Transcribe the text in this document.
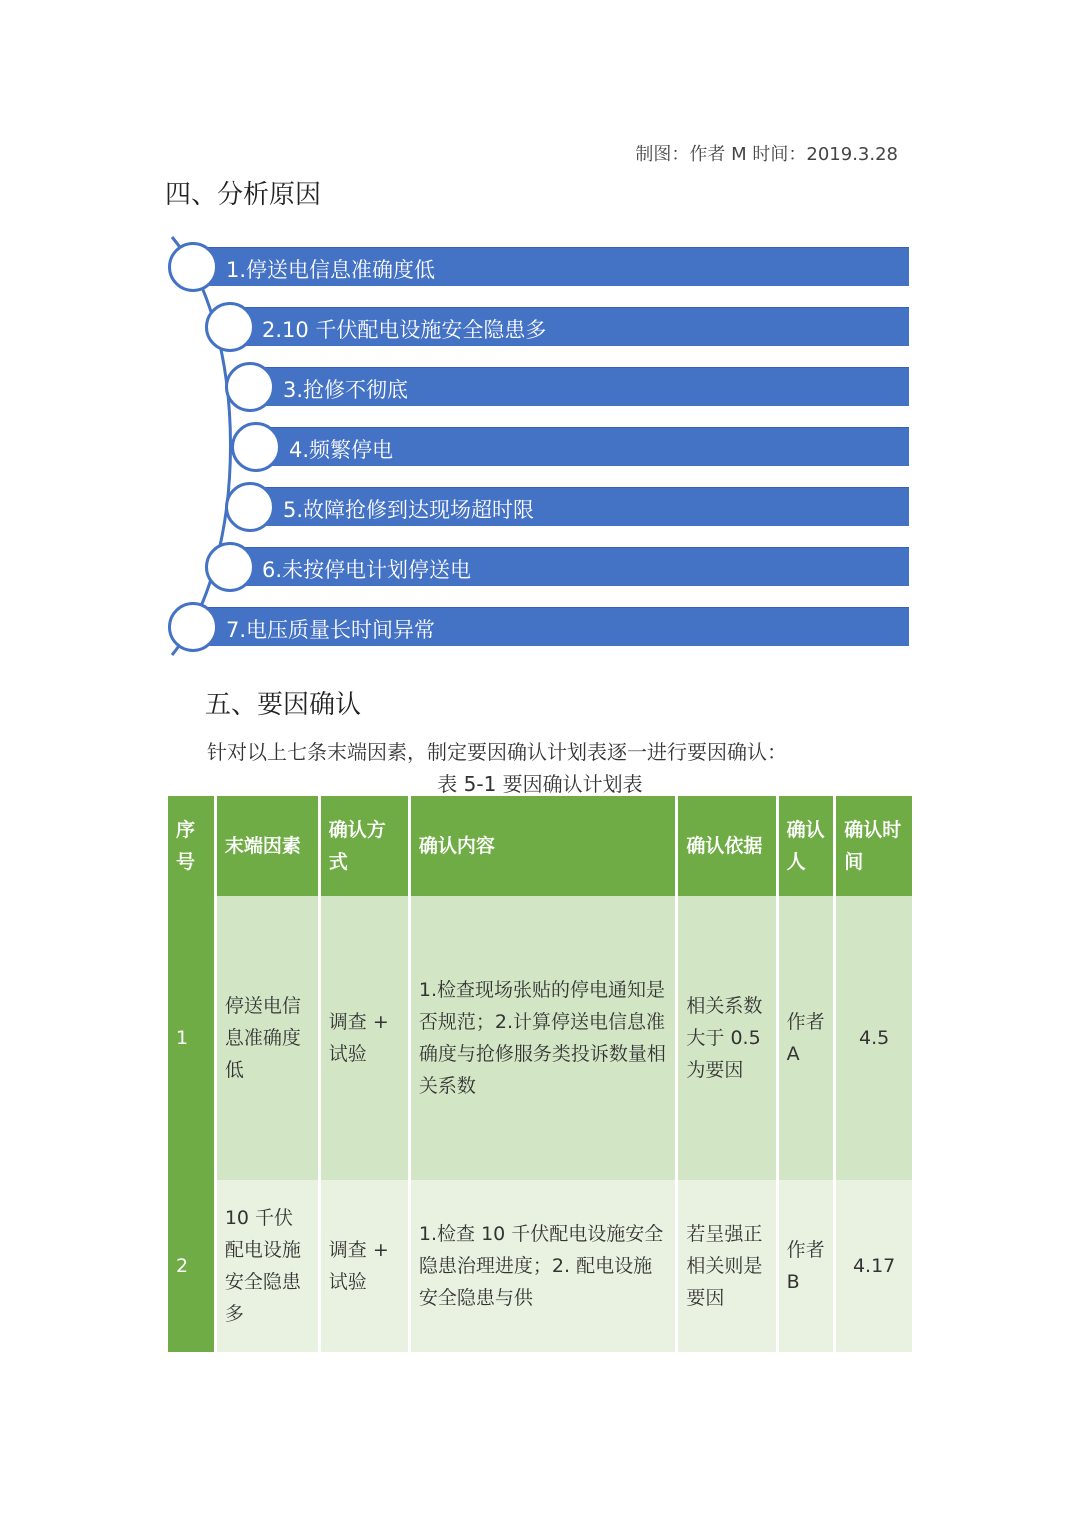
制图：作者 M 时间：2019.3.28
四、分析原因
1.停送电信息准确度低
2.10 千伏配电设施安全隐患多
3.抢修不彻底
4.频繁停电
5.故障抢修到达现场超时限
6.未按停电计划停送电
7.电压质量长时间异常
五、要因确认
针对以上七条末端因素，制定要因确认计划表逐一进行要因确认：
表 5-1 要因确认计划表
序号	末端因素	确认方式	确认内容	确认依据	确认人	确认时间
1	停送电信息准确度低	调查 + 试验	1.检查现场张贴的停电通知是否规范；2.计算停送电信息准确度与抢修服务类投诉数量相关系数	相关系数大于 0.5 为要因	作者A	4.5
2	10 千伏配电设施安全隐患多	调查 + 试验	1.检查 10 千伏配电设施安全隐患治理进度；2. 配电设施安全隐患与供	若呈强正相关则是要因	作者B	4.17
